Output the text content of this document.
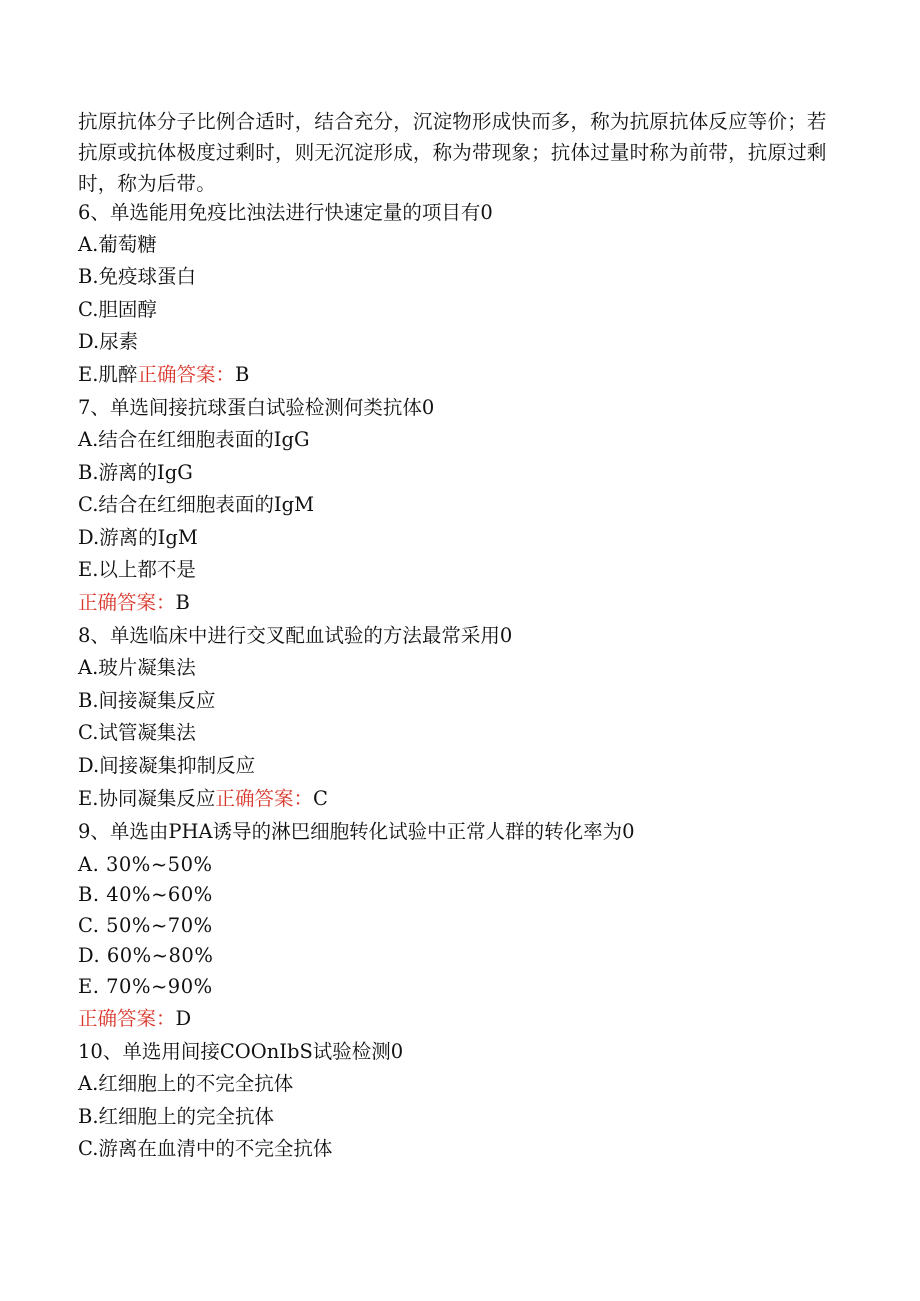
抗原抗体分子比例合适时，结合充分，沉淀物形成快而多，称为抗原抗体反应等价；若抗原或抗体极度过剩时，则无沉淀形成，称为带现象；抗体过量时称为前带，抗原过剩时，称为后带。

6、单选能用免疫比浊法进行快速定量的项目有0

A.葡萄糖

B.免疫球蛋白

C.胆固醇

D.尿素

E.肌醉正确答案：B

7、单选间接抗球蛋白试验检测何类抗体0

A.结合在红细胞表面的IgG

B.游离的IgG

C.结合在红细胞表面的IgM

D.游离的IgM

E.以上都不是

正确答案：B

8、单选临床中进行交叉配血试验的方法最常采用0

A.玻片凝集法

B.间接凝集反应

C.试管凝集法

D.间接凝集抑制反应

E.协同凝集反应正确答案：C

9、单选由PHA诱导的淋巴细胞转化试验中正常人群的转化率为0

A. 30%~50%

B. 40%~60%

C. 50%~70%

D. 60%~80%

E. 70%~90%

正确答案：D

10、单选用间接COOnIbS试验检测0

A.红细胞上的不完全抗体

B.红细胞上的完全抗体

C.游离在血清中的不完全抗体
